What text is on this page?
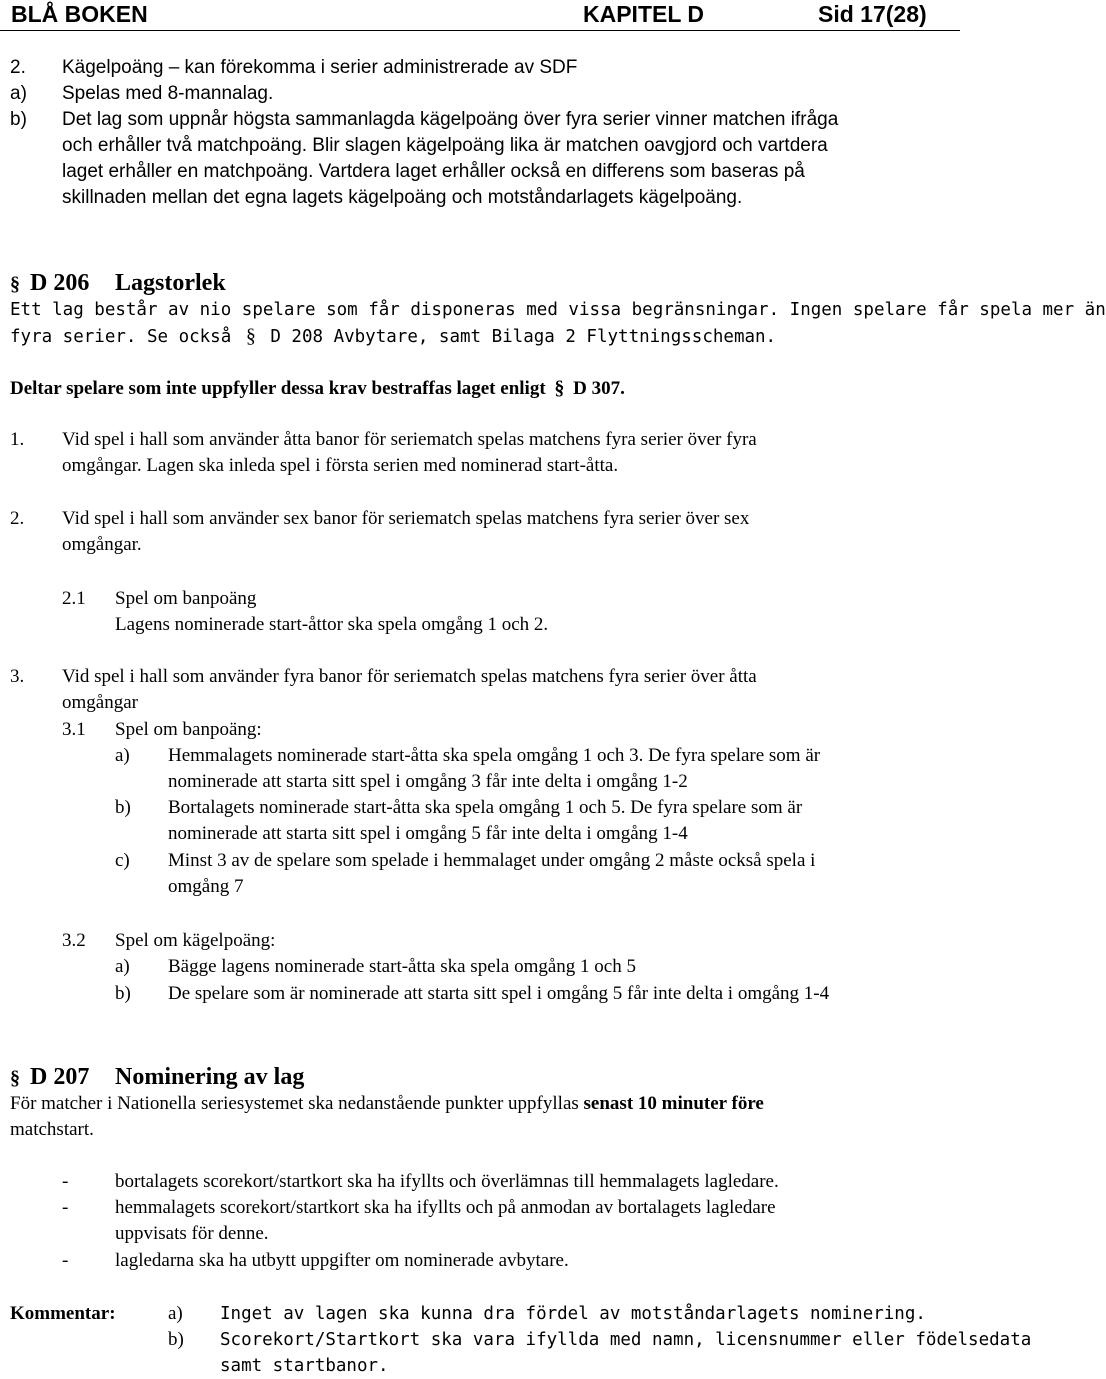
BLÅ BOKEN	KAPITEL D	Sid 17(28)
2. Kägelpoäng – kan förekomma i serier administrerade av SDF
a) Spelas med 8-mannalag.
b) Det lag som uppnår högsta sammanlagda kägelpoäng över fyra serier vinner matchen ifråga
och erhåller två matchpoäng. Blir slagen kägelpoäng lika är matchen oavgjord och vartdera
laget erhåller en matchpoäng. Vartdera laget erhåller också en differens som baseras på
skillnaden mellan det egna lagets kägelpoäng och motståndarlagets kägelpoäng.
§ D 206 Lagstorlek
Ett lag består av nio spelare som får disponeras med vissa begränsningar. Ingen spelare får spela mer än
fyra serier. Se också § D 208 Avbytare, samt Bilaga 2 Flyttningsscheman.
Deltar spelare som inte uppfyller dessa krav bestraffas laget enligt § D 307.
1. Vid spel i hall som använder åtta banor för seriematch spelas matchens fyra serier över fyra
omgångar. Lagen ska inleda spel i första serien med nominerad start-åtta.
2. Vid spel i hall som använder sex banor för seriematch spelas matchens fyra serier över sex
omgångar.
2.1 Spel om banpoäng
Lagens nominerade start-åttor ska spela omgång 1 och 2.
3. Vid spel i hall som använder fyra banor för seriematch spelas matchens fyra serier över åtta
omgångar
3.1 Spel om banpoäng:
a) Hemmalagets nominerade start-åtta ska spela omgång 1 och 3. De fyra spelare som är
nominerade att starta sitt spel i omgång 3 får inte delta i omgång 1-2
b) Bortalagets nominerade start-åtta ska spela omgång 1 och 5. De fyra spelare som är
nominerade att starta sitt spel i omgång 5 får inte delta i omgång 1-4
c) Minst 3 av de spelare som spelade i hemmalaget under omgång 2 måste också spela i
omgång 7
3.2 Spel om kägelpoäng:
a) Bägge lagens nominerade start-åtta ska spela omgång 1 och 5
b) De spelare som är nominerade att starta sitt spel i omgång 5 får inte delta i omgång 1-4
§ D 207 Nominering av lag
För matcher i Nationella seriesystemet ska nedanstående punkter uppfyllas senast 10 minuter före
matchstart.
- bortalagets scorekort/startkort ska ha ifyllts och överlämnas till hemmalagets lagledare.
- hemmalagets scorekort/startkort ska ha ifyllts och på anmodan av bortalagets lagledare
uppvisats för denne.
- lagledarna ska ha utbytt uppgifter om nominerade avbytare.
Kommentar:	a) Inget av lagen ska kunna dra fördel av motståndarlagets nominering.
b) Scorekort/Startkort ska vara ifyllda med namn, licensnummer eller födelsedata
samt startbanor.
